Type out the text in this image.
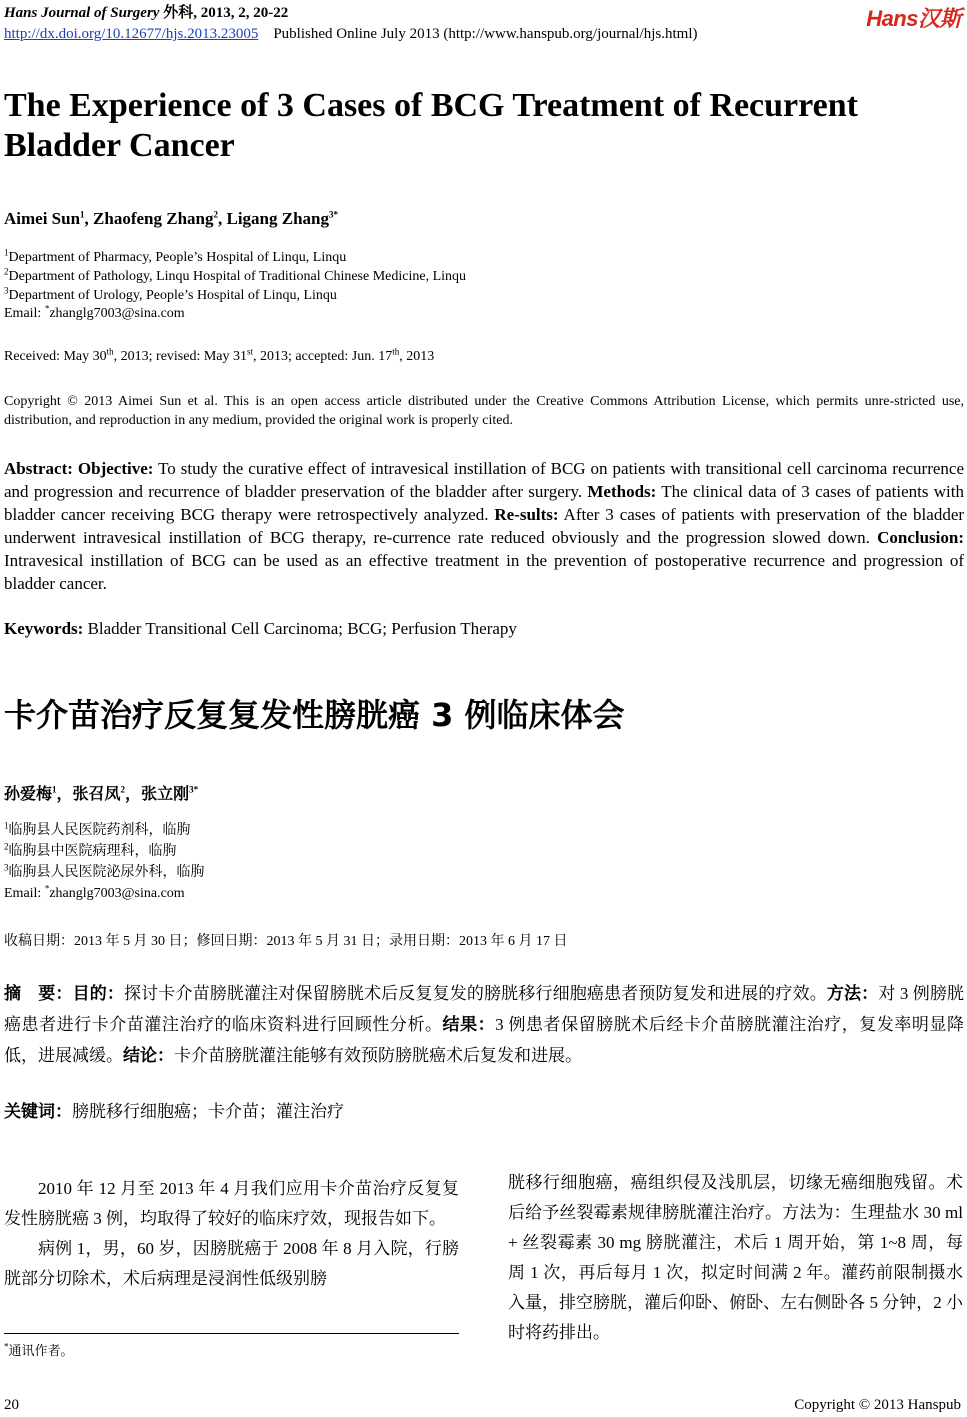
Hans Journal of Surgery 外科, 2013, 2, 20-22
http://dx.doi.org/10.12677/hjs.2013.23005 Published Online July 2013 (http://www.hanspub.org/journal/hjs.html)
Hans汉斯
The Experience of 3 Cases of BCG Treatment of Recurrent Bladder Cancer
Aimei Sun$^1$, Zhaofeng Zhang$^2$, Ligang Zhang$^{3*}$
$^1$Department of Pharmacy, People’s Hospital of Linqu, Linqu
$^2$Department of Pathology, Linqu Hospital of Traditional Chinese Medicine, Linqu
$^3$Department of Urology, People’s Hospital of Linqu, Linqu
Email: *zhanglg7003@sina.com
Received: May 30th, 2013; revised: May 31st, 2013; accepted: Jun. 17th, 2013
Copyright © 2013 Aimei Sun et al. This is an open access article distributed under the Creative Commons Attribution License, which permits unre-stricted use, distribution, and reproduction in any medium, provided the original work is properly cited.
Abstract: Objective: To study the curative effect of intravesical instillation of BCG on patients with transitional cell carcinoma recurrence and progression and recurrence of bladder preservation of the bladder after surgery. Methods: The clinical data of 3 cases of patients with bladder cancer receiving BCG therapy were retrospectively analyzed. Re-sults: After 3 cases of patients with preservation of the bladder underwent intravesical instillation of BCG therapy, re-currence rate reduced obviously and the progression slowed down. Conclusion: Intravesical instillation of BCG can be used as an effective treatment in the prevention of postoperative recurrence and progression of bladder cancer.
Keywords: Bladder Transitional Cell Carcinoma; BCG; Perfusion Therapy
卡介苗治疗反复复发性膀胱癌 3 例临床体会
孙爱梅$^1$，张召凤$^2$，张立刚$^{3*}$
$^1$临朐县人民医院药剂科，临朐
$^2$临朐县中医院病理科，临朐
$^3$临朐县人民医院泌尿外科，临朐
Email: *zhanglg7003@sina.com
收稿日期：2013 年 5 月 30 日；修回日期：2013 年 5 月 31 日；录用日期：2013 年 6 月 17 日
摘　要：目的：探讨卡介苗膀胱灌注对保留膀胱术后反复复发的膀胱移行细胞癌患者预防复发和进展的疗效。方法：对 3 例膀胱癌患者进行卡介苗灌注治疗的临床资料进行回顾性分析。结果：3 例患者保留膀胱术后经卡介苗膀胱灌注治疗，复发率明显降低，进展减缓。结论：卡介苗膀胱灌注能够有效预防膀胱癌术后复发和进展。
关键词：膀胱移行细胞癌；卡介苗；灌注治疗

2010 年 12 月至 2013 年 4 月我们应用卡介苗治疗反复复发性膀胱癌 3 例，均取得了较好的临床疗效，现报告如下。

病例 1，男，60 岁，因膀胱癌于 2008 年 8 月入院，行膀胱部分切除术，术后病理是浸润性低级别膀

胱移行细胞癌，癌组织侵及浅肌层，切缘无癌细胞残留。术后给予丝裂霉素规律膀胱灌注治疗。方法为：生理盐水 30 ml + 丝裂霉素 30 mg 膀胱灌注，术后 1 周开始，第 1~8 周，每周 1 次，再后每月 1 次，拟定时间满 2 年。灌药前限制摄水入量，排空膀胱，灌后仰卧、俯卧、左右侧卧各 5 分钟，2 小时将药排出。

*通讯作者。
20	Copyright © 2013 Hanspub
